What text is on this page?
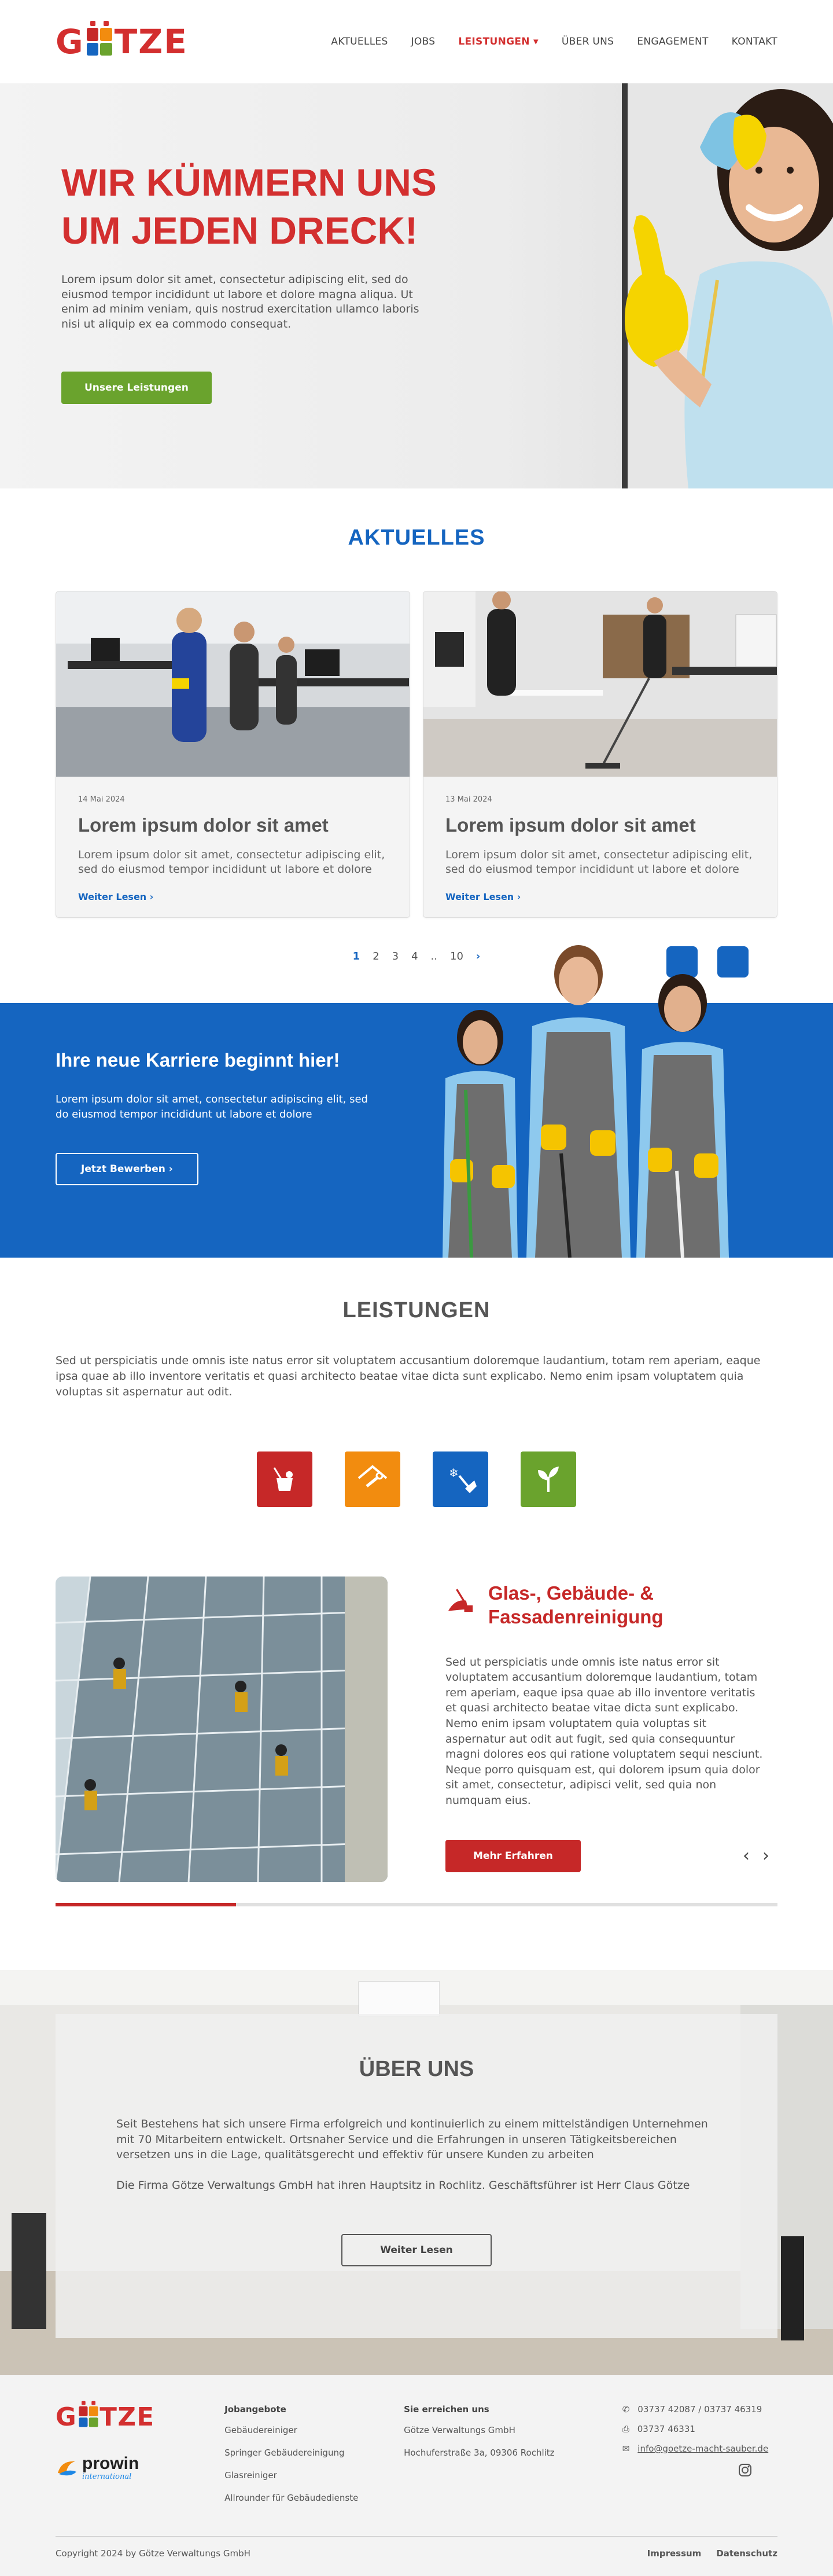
G TZE	AKTUELLES JOBS LEISTUNGEN ▾ ÜBER UNS ENGAGEMENT KONTAKT
WIR KÜMMERN UNS UM JEDEN DRECK!

Lorem ipsum dolor sit amet, consectetur adipiscing elit, sed do eiusmod tempor incididunt ut labore et dolore magna aliqua. Ut enim ad minim veniam, quis nostrud exercitation ullamco laboris nisi ut aliquip ex ea commodo consequat.

Unsere Leistungen
AKTUELLES
14 Mai 2024
Lorem ipsum dolor sit amet

Lorem ipsum dolor sit amet, consectetur adipiscing elit, sed do eiusmod tempor incididunt ut labore et dolore

Weiter Lesen ›
13 Mai 2024
Lorem ipsum dolor sit amet

Lorem ipsum dolor sit amet, consectetur adipiscing elit, sed do eiusmod tempor incididunt ut labore et dolore

Weiter Lesen ›
1 2 3 4 .. 10 ›
Ihre neue Karriere beginnt hier!

Lorem ipsum dolor sit amet, consectetur adipiscing elit, sed do eiusmod tempor incididunt ut labore et dolore

Jetzt Bewerben ›
LEISTUNGEN

Sed ut perspiciatis unde omnis iste natus error sit voluptatem accusantium doloremque laudantium, totam rem aperiam, eaque ipsa quae ab illo inventore veritatis et quasi architecto beatae vitae dicta sunt explicabo. Nemo enim ipsam voluptatem quia voluptas sit aspernatur aut odit.

❄
Glas-, Gebäude- & Fassadenreinigung

Sed ut perspiciatis unde omnis iste natus error sit voluptatem accusantium doloremque laudantium, totam rem aperiam, eaque ipsa quae ab illo inventore veritatis et quasi architecto beatae vitae dicta sunt explicabo. Nemo enim ipsam voluptatem quia voluptas sit aspernatur aut odit aut fugit, sed quia consequuntur magni dolores eos qui ratione voluptatem sequi nesciunt. Neque porro quisquam est, qui dolorem ipsum quia dolor sit amet, consectetur, adipisci velit, sed quia non numquam eius.

Mehr Erfahren	‹ ›
ÜBER UNS

Seit Bestehens hat sich unsere Firma erfolgreich und kontinuierlich zu einem mittelständigen Unternehmen mit 70 Mitarbeitern entwickelt. Ortsnaher Service und die Erfahrungen in unseren Tätigkeitsbereichen versetzen uns in die Lage, qualitätsgerecht und effektiv für unsere Kunden zu arbeiten

Die Firma Götze Verwaltungs GmbH hat ihren Hauptsitz in Rochlitz. Geschäftsführer ist Herr Claus Götze

Weiter Lesen
G TZE
prowin
international
Jobangebote
Gebäudereiniger
Springer Gebäudereinigung
Glasreiniger
Allrounder für Gebäudedienste
Sie erreichen uns
Götze Verwaltungs GmbH
Hochuferstraße 3a, 09306 Rochlitz
✆ 03737 42087 / 03737 46319
⎙ 03737 46331
✉ info@goetze-macht-sauber.de
Copyright 2024 by Götze Verwaltungs GmbH	Impressum Datenschutz
